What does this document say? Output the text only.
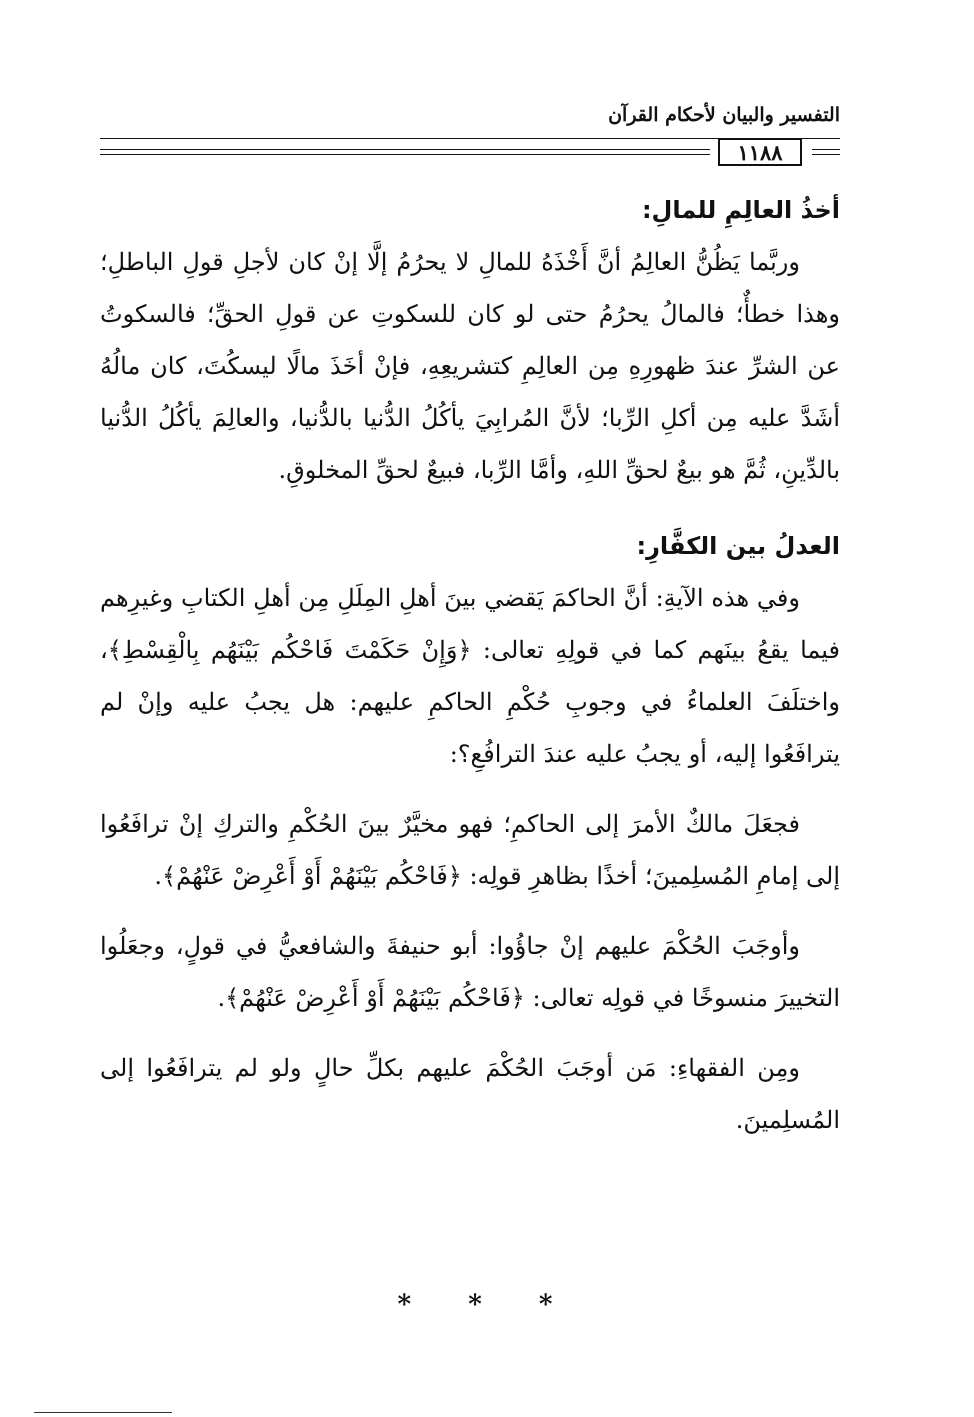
التفسير والبيان لأحكام القرآن
١١٨٨
أخذُ العالِمِ للمالِ:

وربَّما يَظُنُّ العالِمُ أنَّ أَخْذَهُ للمالِ لا يحرُمُ إلَّا إنْ كان لأجلِ قولِ الباطلِ؛ وهذا خطأٌ؛ فالمالُ يحرُمُ حتى لو كان للسكوتِ عن قولِ الحقِّ؛ فالسكوتُ عن الشرِّ عندَ ظهورِهِ مِن العالِمِ كتشريعِهِ، فإنْ أخَذَ مالًا ليسكُتَ، كان مالُهُ أشَدَّ عليه مِن أكلِ الرِّبا؛ لأنَّ المُرابِيَ يأكُلُ الدُّنيا بالدُّنيا، والعالِمَ يأكُلُ الدُّنيا بالدِّينِ، ثُمَّ هو بيعٌ لحقِّ اللهِ، وأمَّا الرِّبا، فبيعٌ لحقِّ المخلوقِ.

العدلُ بين الكفَّارِ:

وفي هذه الآيةِ: أنَّ الحاكمَ يَقضي بينَ أهلِ المِلَلِ مِن أهلِ الكتابِ وغيرِهم فيما يقعُ بينَهم كما في قولِهِ تعالى: ﴿وَإِنْ حَكَمْتَ فَاحْكُم بَيْنَهُم بِالْقِسْطِ﴾، واختلَفَ العلماءُ في وجوبِ حُكْمِ الحاكمِ عليهم: هل يجبُ عليه وإنْ لم يترافَعُوا إليه، أو يجبُ عليه عندَ الترافُعِ؟:

فجعَلَ مالكٌ الأمرَ إلى الحاكمِ؛ فهو مخيَّرٌ بينَ الحُكْمِ والتركِ إنْ ترافَعُوا إلى إمامِ المُسلِمينَ؛ أخذًا بظاهرِ قولِه: ﴿فَاحْكُم بَيْنَهُمْ أَوْ أَعْرِضْ عَنْهُمْ﴾.

وأوجَبَ الحُكْمَ عليهم إنْ جاؤُوا: أبو حنيفةَ والشافعيُّ في قولٍ، وجعَلُوا التخييرَ منسوخًا في قولِه تعالى: ﴿فَاحْكُم بَيْنَهُمْ أَوْ أَعْرِضْ عَنْهُمْ﴾.

ومِن الفقهاءِ: مَن أوجَبَ الحُكْمَ عليهم بكلِّ حالٍ ولو لم يترافَعُوا إلى المُسلِمينَ.

* * *
